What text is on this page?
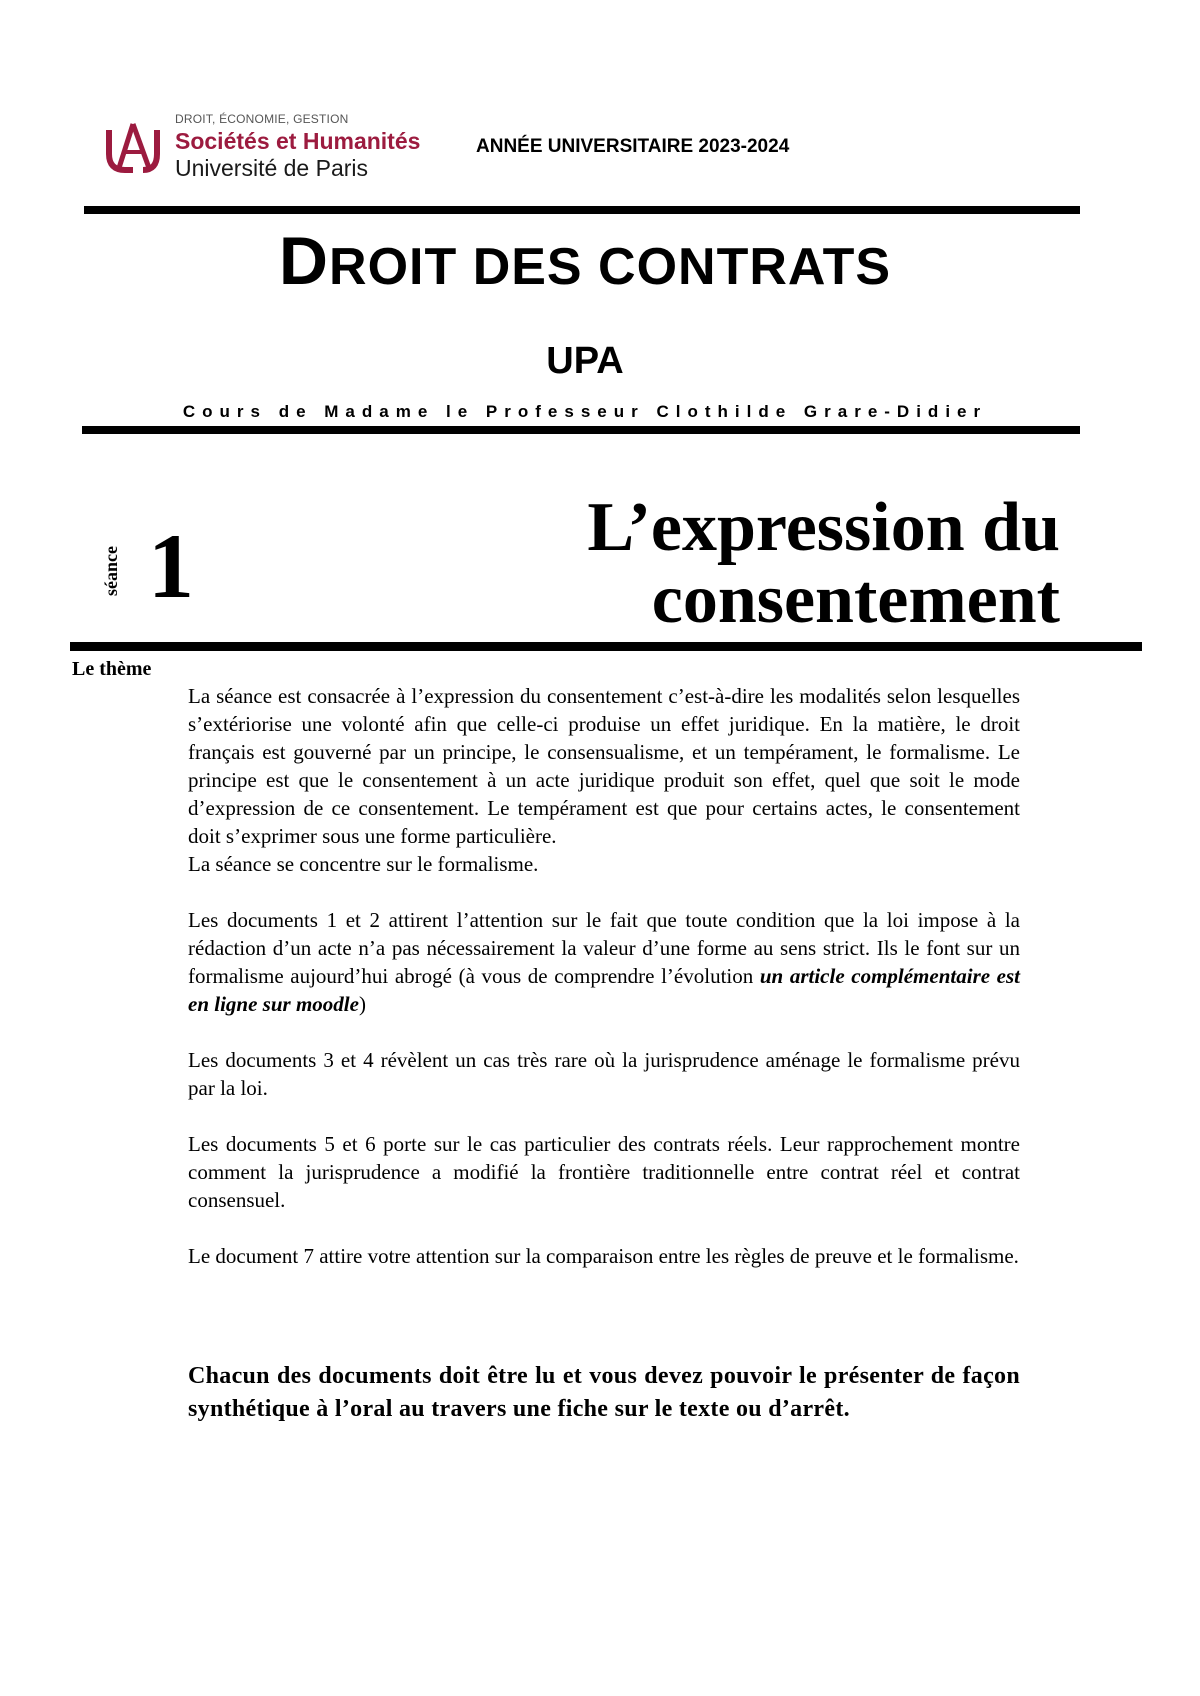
DROIT, ÉCONOMIE, GESTION
Sociétés et Humanités
Université de Paris
ANNÉE UNIVERSITAIRE 2023-2024
DROIT DES CONTRATS
UPA
Cours de Madame le Professeur Clothilde Grare-Didier
séance 1	L’expression du
consentement
Le thème

La séance est consacrée à l’expression du consentement c’est-à-dire les modalités selon lesquelles s’extériorise une volonté afin que celle-ci produise un effet juridique. En la matière, le droit français est gouverné par un principe, le consensualisme, et un tempérament, le formalisme. Le principe est que le consentement à un acte juridique produit son effet, quel que soit le mode d’expression de ce consentement. Le tempérament est que pour certains actes, le consentement doit s’exprimer sous une forme particulière.

La séance se concentre sur le formalisme.

Les documents 1 et 2 attirent l’attention sur le fait que toute condition que la loi impose à la rédaction d’un acte n’a pas nécessairement la valeur d’une forme au sens strict. Ils le font sur un formalisme aujourd’hui abrogé (à vous de comprendre l’évolution un article complémentaire est en ligne sur moodle)

Les documents 3 et 4 révèlent un cas très rare où la jurisprudence aménage le formalisme prévu par la loi.

Les documents 5 et 6 porte sur le cas particulier des contrats réels. Leur rapprochement montre comment la jurisprudence a modifié la frontière traditionnelle entre contrat réel et contrat consensuel.

Le document 7 attire votre attention sur la comparaison entre les règles de preuve et le formalisme.

Chacun des documents doit être lu et vous devez pouvoir le présenter de façon synthétique à l’oral au travers une fiche sur le texte ou d’arrêt.
